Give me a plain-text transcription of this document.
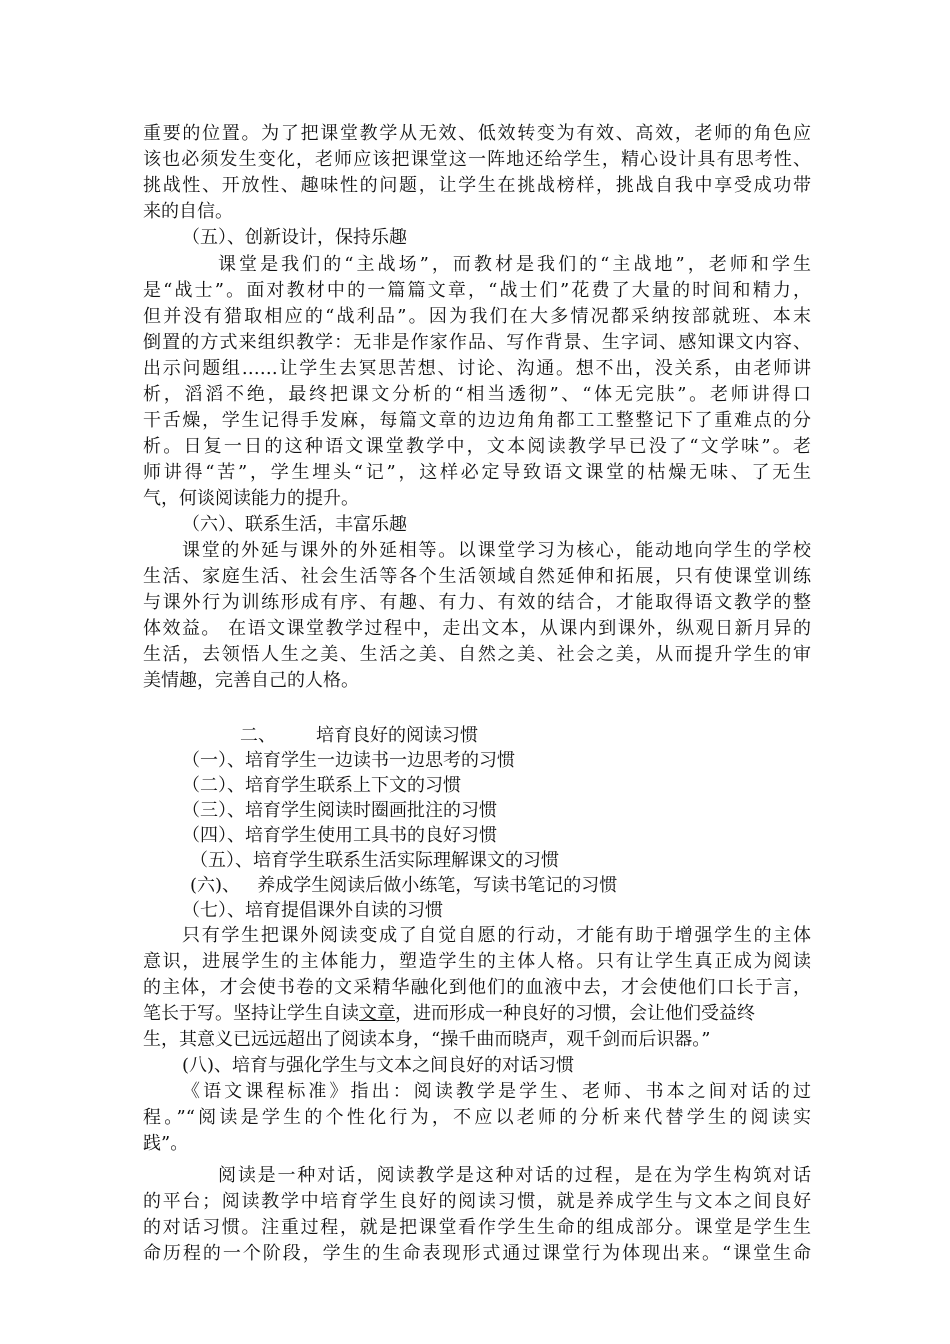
重要的位置。为了把课堂教学从无效、低效转变为有效、高效，老师的角色应
该也必须发生变化，老师应该把课堂这一阵地还给学生，精心设计具有思考性、
挑战性、开放性、趣味性的问题，让学生在挑战榜样，挑战自我中享受成功带
来的自信。
（五）、创新设计，保持乐趣
课堂是我们的“主战场”，而教材是我们的“主战地”，老师和学生
是“战士”。面对教材中的一篇篇文章，“战士们”花费了大量的时间和精力，
但并没有猎取相应的“战利品”。因为我们在大多情况都采纳按部就班、本末
倒置的方式来组织教学：无非是作家作品、写作背景、生字词、感知课文内容、
出示问题组……让学生去冥思苦想、讨论、沟通。想不出，没关系，由老师讲
析，滔滔不绝，最终把课文分析的“相当透彻”、“体无完肤”。老师讲得口
干舌燥，学生记得手发麻，每篇文章的边边角角都工工整整记下了重难点的分
析。日复一日的这种语文课堂教学中，文本阅读教学早已没了“文学味”。老
师讲得“苦”，学生埋头“记”，这样必定导致语文课堂的枯燥无味、了无生
气，何谈阅读能力的提升。
（六）、联系生活，丰富乐趣
课堂的外延与课外的外延相等。以课堂学习为核心，能动地向学生的学校
生活、家庭生活、社会生活等各个生活领域自然延伸和拓展，只有使课堂训练
与课外行为训练形成有序、有趣、有力、有效的结合，才能取得语文教学的整
体效益。 在语文课堂教学过程中，走出文本，从课内到课外，纵观日新月异的
生活，去领悟人生之美、生活之美、自然之美、社会之美，从而提升学生的审
美情趣，完善自己的人格。
二、       培育良好的阅读习惯
（一）、培育学生一边读书一边思考的习惯
（二）、培育学生联系上下文的习惯
（三）、培育学生阅读时圈画批注的习惯
（四）、培育学生使用工具书的良好习惯
（五）、培育学生联系生活实际理解课文的习惯
(六)、   养成学生阅读后做小练笔，写读书笔记的习惯
（七）、培育提倡课外自读的习惯
只有学生把课外阅读变成了自觉自愿的行动，才能有助于增强学生的主体
意识，进展学生的主体能力，塑造学生的主体人格。只有让学生真正成为阅读
的主体，才会使书卷的文采精华融化到他们的血液中去，才会使他们口长于言，
笔长于写。坚持让学生自读文章，进而形成一种良好的习惯，会让他们受益终
生，其意义已远远超出了阅读本身，“操千曲而晓声，观千剑而后识器。”
(八)、培育与强化学生与文本之间良好的对话习惯
《语文课程标准》指出：阅读教学是学生、老师、书本之间对话的过
程。”“阅读是学生的个性化行为，不应以老师的分析来代替学生的阅读实
践”。
阅读是一种对话，阅读教学是这种对话的过程，是在为学生构筑对话
的平台；阅读教学中培育学生良好的阅读习惯，就是养成学生与文本之间良好
的对话习惯。注重过程，就是把课堂看作学生生命的组成部分。课堂是学生生
命历程的一个阶段，学生的生命表现形式通过课堂行为体现出来。“课堂生命
